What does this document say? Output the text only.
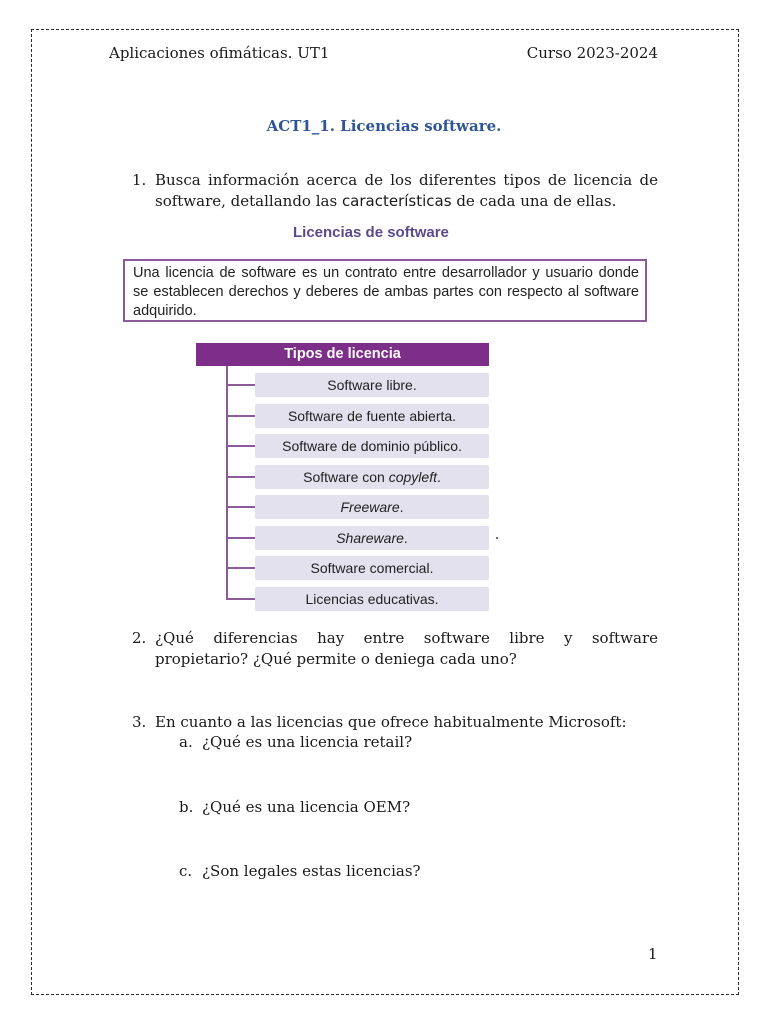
Aplicaciones ofimáticas. UT1	Curso 2023-2024
ACT1_1. Licencias software.
1. Busca información acerca de los diferentes tipos de licencia de software, detallando las características de cada una de ellas.
Licencias de software
Una licencia de software es un contrato entre desarrollador y usuario donde se establecen derechos y deberes de ambas partes con respecto al software adquirido.
Tipos de licencia
Software libre.
Software de fuente abierta.
Software de dominio público.
Software con copyleft.
Freeware.
Shareware.
Software comercial.
Licencias educativas.
2. ¿Qué diferencias hay entre software libre y software
propietario? ¿Qué permite o deniega cada uno?
3. En cuanto a las licencias que ofrece habitualmente Microsoft:
a. ¿Qué es una licencia retail?
b. ¿Qué es una licencia OEM?
c. ¿Son legales estas licencias?
1
